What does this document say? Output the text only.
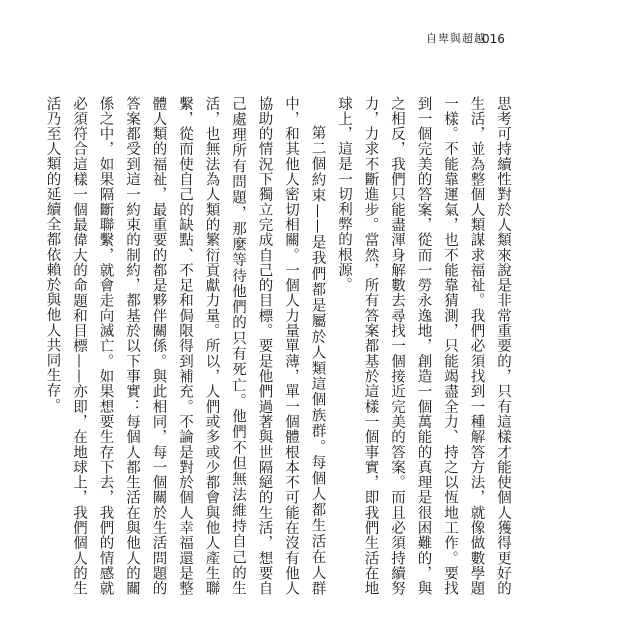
自卑與超越
016

思考可持續性對於人類來說是非常重要的，只有這樣才能使個人獲得更好的生活，並為整個人類謀求福祉。我們必須找到一種解答方法，就像做數學題一樣。不能靠運氣，也不能靠猜測，只能竭盡全力、持之以恆地工作。要找到一個完美的答案，從而一勞永逸地，創造一個萬能的真理是很困難的，與之相反，我們只能盡渾身解數去尋找一個接近完美的答案。而且必須持續努力，力求不斷進步。當然，所有答案都基於這樣一個事實，即我們生活在地球上，這是一切利弊的根源。

第二個約束——是我們都是屬於人類這個族群。每個人都生活在人群中，和其他人密切相關。一個人力量單薄，單一個體根本不可能在沒有他人協助的情況下獨立完成自己的目標。要是他們過著與世隔絕的生活，想要自己處理所有問題，那麼等待他們的只有死亡。他們不但無法維持自己的生活，也無法為人類的繁衍貢獻力量。所以，人們或多或少都會與他人產生聯繫，從而使自己的缺點、不足和侷限得到補充。不論是對於個人幸福還是整體人類的福祉，最重要的都是夥伴關係。與此相同，每一個關於生活問題的答案都受到這一約束的制約，都基於以下事實：每個人都生活在與他人的關係之中，如果隔斷聯繫，就會走向滅亡。如果想要生存下去，我們的情感就必須符合這樣一個最偉大的命題和目標——亦即，在地球上，我們個人的生活乃至人類的延續全都依賴於與他人共同生存。
